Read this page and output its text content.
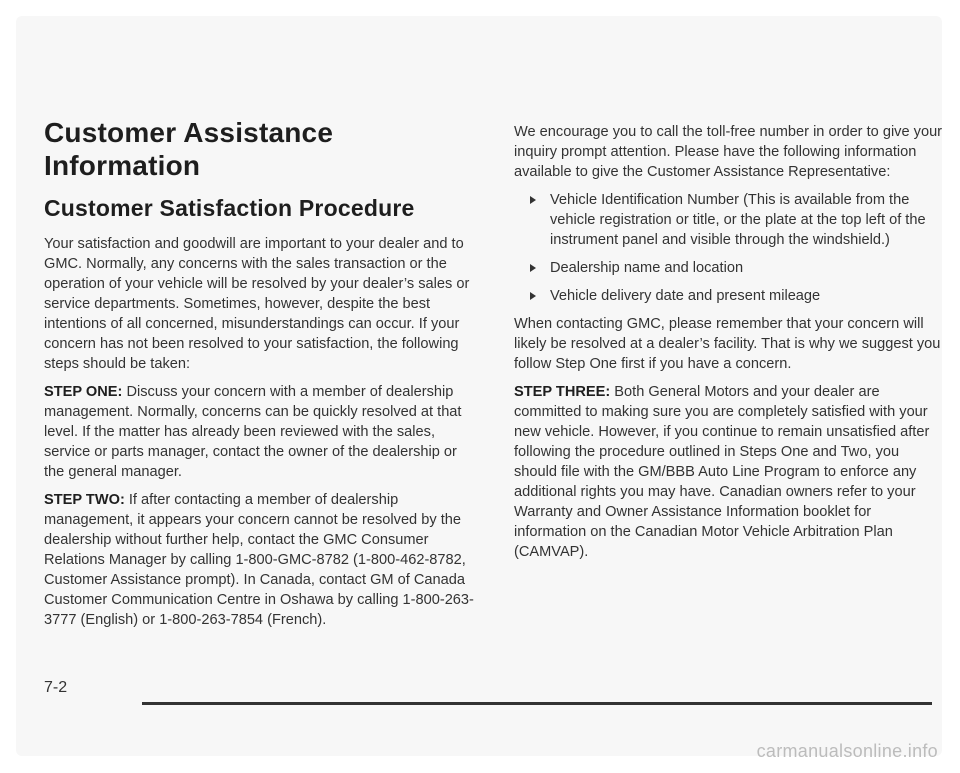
Customer Assistance
Information
Customer Satisfaction Procedure

Your satisfaction and goodwill are important to your dealer and to GMC. Normally, any concerns with the sales transaction or the operation of your vehicle will be resolved by your dealer’s sales or service departments. Sometimes, however, despite the best intentions of all concerned, misunderstandings can occur. If your concern has not been resolved to your satisfaction, the following steps should be taken:

STEP ONE: Discuss your concern with a member of dealership management. Normally, concerns can be quickly resolved at that level. If the matter has already been reviewed with the sales, service or parts manager, contact the owner of the dealership or the general manager.

STEP TWO: If after contacting a member of dealership management, it appears your concern cannot be resolved by the dealership without further help, contact the GMC Consumer Relations Manager by calling 1-800-GMC-8782 (1-800-462-8782, Customer Assistance prompt). In Canada, contact GM of Canada Customer Communication Centre in Oshawa by calling 1-800-263-3777 (English) or 1-800-263-7854 (French).

We encourage you to call the toll-free number in order to give your inquiry prompt attention. Please have the following information available to give the Customer Assistance Representative:

Vehicle Identification Number (This is available from the vehicle registration or title, or the plate at the top left of the instrument panel and visible through the windshield.)
Dealership name and location
Vehicle delivery date and present mileage

When contacting GMC, please remember that your concern will likely be resolved at a dealer’s facility. That is why we suggest you follow Step One first if you have a concern.

STEP THREE: Both General Motors and your dealer are committed to making sure you are completely satisfied with your new vehicle. However, if you continue to remain unsatisfied after following the procedure outlined in Steps One and Two, you should file with the GM/BBB Auto Line Program to enforce any additional rights you may have. Canadian owners refer to your Warranty and Owner Assistance Information booklet for information on the Canadian Motor Vehicle Arbitration Plan (CAMVAP).

7-2
carmanualsonline.info
